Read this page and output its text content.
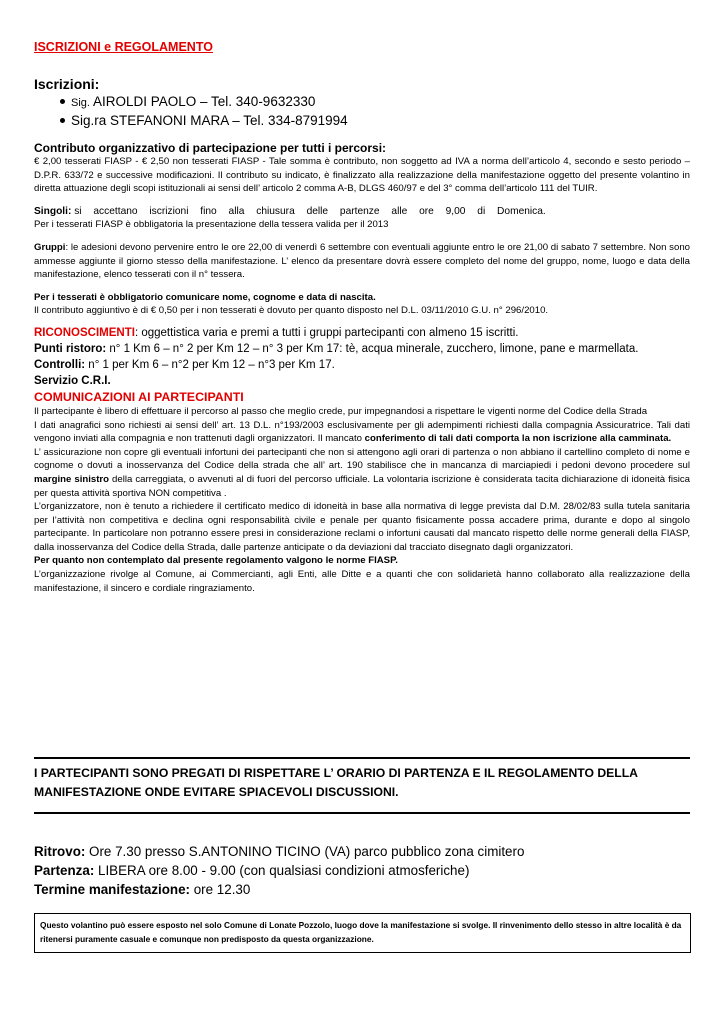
ISCRIZIONI e REGOLAMENTO
Iscrizioni:
Sig. AIROLDI PAOLO – Tel. 340-9632330
Sig.ra STEFANONI MARA – Tel. 334-8791994
Contributo organizzativo di partecipazione per tutti i percorsi:

€ 2,00 tesserati FIASP - € 2,50 non tesserati FIASP - Tale somma è contributo, non soggetto ad IVA a norma dell’articolo 4, secondo e sesto periodo – D.P.R. 633/72 e successive modificazioni. Il contributo su indicato, è finalizzato alla realizzazione della manifestazione oggetto del presente volantino in diretta attuazione degli scopi istituzionali ai sensi dell’ articolo 2 comma A-B, DLGS 460/97 e del 3° comma dell’articolo 111 del TUIR.

Singoli: si accettano iscrizioni fino alla chiusura delle partenze alle ore 9,00 di Domenica.

Per i tesserati FIASP è obbligatoria la presentazione della tessera valida per il 2013

Gruppi: le adesioni devono pervenire entro le ore 22,00 di venerdì 6 settembre con eventuali aggiunte entro le ore 21,00 di sabato 7 settembre. Non sono ammesse aggiunte il giorno stesso della manifestazione. L’ elenco da presentare dovrà essere completo del nome del gruppo, nome, luogo e data della manifestazione, elenco tesserati con il n° tessera.

Per i tesserati è obbligatorio comunicare nome, cognome e data di nascita.

Il contributo aggiuntivo è di € 0,50 per i non tesserati è dovuto per quanto disposto nel D.L. 03/11/2010 G.U. n° 296/2010.

RICONOSCIMENTI: oggettistica varia e premi a tutti i gruppi partecipanti con almeno 15 iscritti.
Punti ristoro: n° 1 Km 6 – n° 2 per Km 12 – n° 3 per Km 17: tè, acqua minerale, zucchero, limone, pane e marmellata.
Controlli: n° 1 per Km 6 – n°2 per Km 12 – n°3 per Km 17.
Servizio C.R.I.
COMUNICAZIONI AI PARTECIPANTI

Il partecipante è libero di effettuare il percorso al passo che meglio crede, pur impegnandosi a rispettare le vigenti norme del Codice della Strada

I dati anagrafici sono richiesti ai sensi dell’ art. 13 D.L. n°193/2003 esclusivamente per gli adempimenti richiesti dalla compagnia Assicuratrice. Tali dati vengono inviati alla compagnia e non trattenuti dagli organizzatori. Il mancato conferimento di tali dati comporta la non iscrizione alla camminata.

L’ assicurazione non copre gli eventuali infortuni dei partecipanti che non si attengono agli orari di partenza o non abbiano il cartellino completo di nome e cognome o dovuti a inosservanza del Codice della strada che all’ art. 190 stabilisce che in mancanza di marciapiedi i pedoni devono procedere sul margine sinistro della carreggiata, o avvenuti al di fuori del percorso ufficiale. La volontaria iscrizione è considerata tacita dichiarazione di idoneità fisica per questa attività sportiva NON competitiva .

L’organizzatore, non è tenuto a richiedere il certificato medico di idoneità in base alla normativa di legge prevista dal D.M. 28/02/83 sulla tutela sanitaria per l’attività non competitiva e declina ogni responsabilità civile e penale per quanto fisicamente possa accadere prima, durante e dopo al singolo partecipante. In particolare non potranno essere presi in considerazione reclami o infortuni causati dal mancato rispetto delle norme generali della FIASP, dalla inosservanza del Codice della Strada, dalle partenze anticipate o da deviazioni dal tracciato disegnato dagli organizzatori.

Per quanto non contemplato dal presente regolamento valgono le norme FIASP.

L’organizzazione rivolge al Comune, ai Commercianti, agli Enti, alle Ditte e a quanti che con solidarietà hanno collaborato alla realizzazione della manifestazione, il sincero e cordiale ringraziamento.

I PARTECIPANTI SONO PREGATI DI RISPETTARE L’ ORARIO DI PARTENZA E IL REGOLAMENTO DELLA MANIFESTAZIONE ONDE EVITARE SPIACEVOLI DISCUSSIONI.
Ritrovo: Ore 7.30 presso S.ANTONINO TICINO (VA) parco pubblico zona cimitero
Partenza: LIBERA ore 8.00 - 9.00 (con qualsiasi condizioni atmosferiche)
Termine manifestazione: ore 12.30
Questo volantino può essere esposto nel solo Comune di Lonate Pozzolo, luogo dove la manifestazione si svolge. Il rinvenimento dello stesso in altre località è da ritenersi puramente casuale e comunque non predisposto da questa organizzazione.
